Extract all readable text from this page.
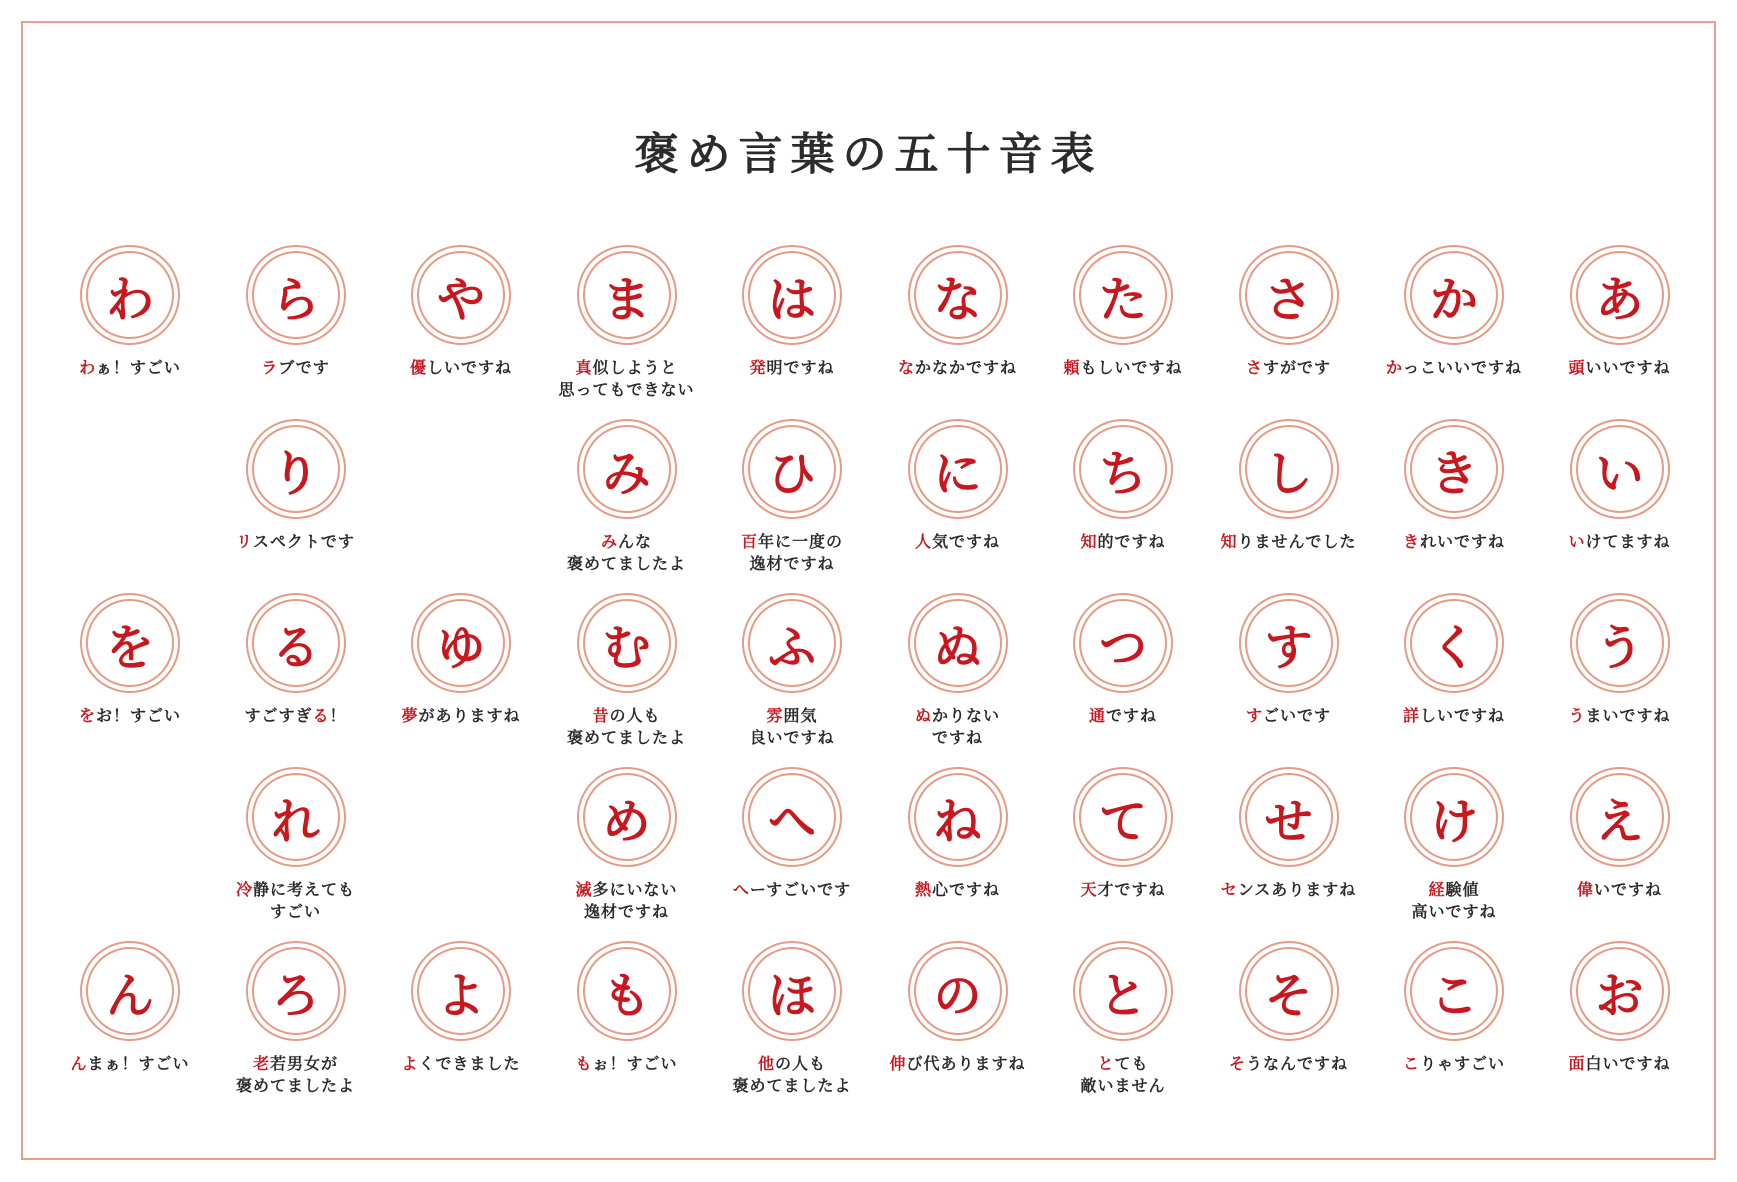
褒め言葉の五十音表
わ
わぁ！すごい
ら
ラブです
や
優しいですね
ま
真似しようと
思ってもできない
は
発明ですね
な
なかなかですね
た
頼もしいですね
さ
さすがです
か
かっこいいですね
あ
頭いいですね
り
リスペクトです
み
みんな
褒めてましたよ
ひ
百年に一度の
逸材ですね
に
人気ですね
ち
知的ですね
し
知りませんでした
き
きれいですね
い
いけてますね
を
をお！すごい
る
すごすぎる！
ゆ
夢がありますね
む
昔の人も
褒めてましたよ
ふ
雰囲気
良いですね
ぬ
ぬかりない
ですね
つ
通ですね
す
すごいです
く
詳しいですね
う
うまいですね
れ
冷静に考えても
すごい
め
滅多にいない
逸材ですね
へ
へーすごいです
ね
熱心ですね
て
天才ですね
せ
センスありますね
け
経験値
高いですね
え
偉いですね
ん
んまぁ！すごい
ろ
老若男女が
褒めてましたよ
よ
よくできました
も
もぉ！すごい
ほ
他の人も
褒めてましたよ
の
伸び代ありますね
と
とても
敵いません
そ
そうなんですね
こ
こりゃすごい
お
面白いですね
